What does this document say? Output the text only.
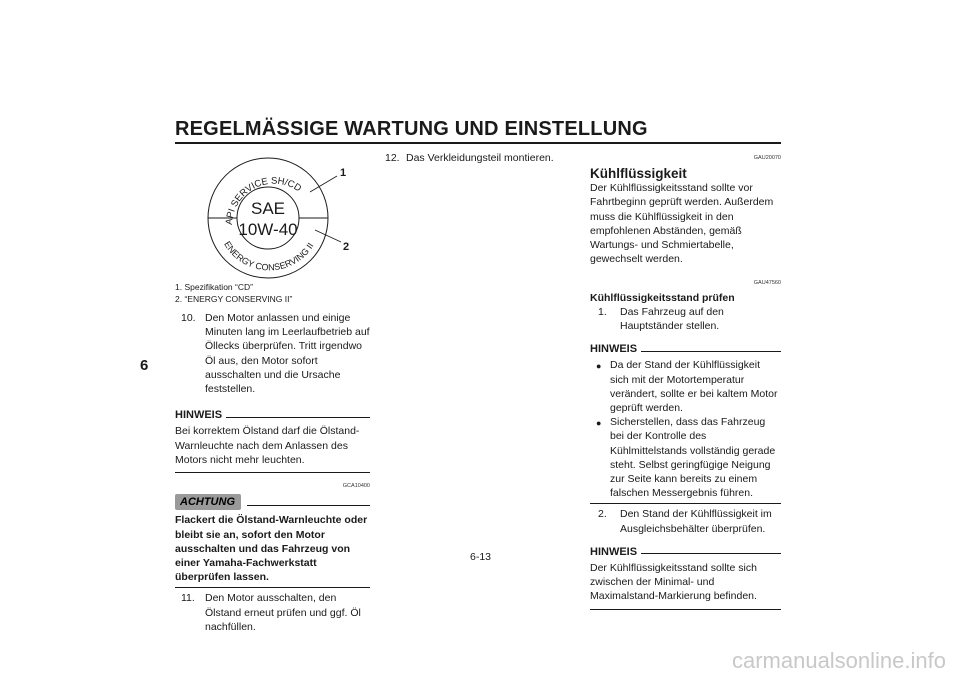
REGELMÄSSIGE WARTUNG UND EINSTELLUNG
6
API SERVICE SH/CD
ENERGY CONSERVING II
SAE
10W-40
1
2
1. Spezifikation “CD”
2. “ENERGY CONSERVING II”
10. Den Motor anlassen und einige Minuten lang im Leerlaufbetrieb auf Öllecks überprüfen. Tritt irgendwo Öl aus, den Motor sofort ausschalten und die Ursache feststellen.
HINWEIS
Bei korrektem Ölstand darf die Ölstand-Warnleuchte nach dem Anlassen des Motors nicht mehr leuchten.
GCA10400
ACHTUNG
Flackert die Ölstand-Warnleuchte oder bleibt sie an, sofort den Motor ausschalten und das Fahrzeug von einer Yamaha-Fachwerkstatt überprüfen lassen.
11. Den Motor ausschalten, den Ölstand erneut prüfen und ggf. Öl nachfüllen.
12. Das Verkleidungsteil montieren.	GAU20070
Kühlflüssigkeit
Der Kühlflüssigkeitsstand sollte vor Fahrtbeginn geprüft werden. Außerdem muss die Kühlflüssigkeit in den empfohlenen Abständen, gemäß Wartungs- und Schmiertabelle, gewechselt werden.
GAU47560
Kühlflüssigkeitsstand prüfen
1.	Das Fahrzeug auf den Hauptständer stellen.
HINWEIS
● Da der Stand der Kühlflüssigkeit sich mit der Motortemperatur verändert, sollte er bei kaltem Motor geprüft werden.
● Sicherstellen, dass das Fahrzeug bei der Kontrolle des Kühlmittelstands vollständig gerade steht. Selbst geringfügige Neigung zur Seite kann bereits zu einem falschen Messergebnis führen.
2.	Den Stand der Kühlflüssigkeit im Ausgleichsbehälter überprüfen.
HINWEIS
Der Kühlflüssigkeitsstand sollte sich zwischen der Minimal- und Maximalstand-Markierung befinden.
6-13
carmanualsonline.info
